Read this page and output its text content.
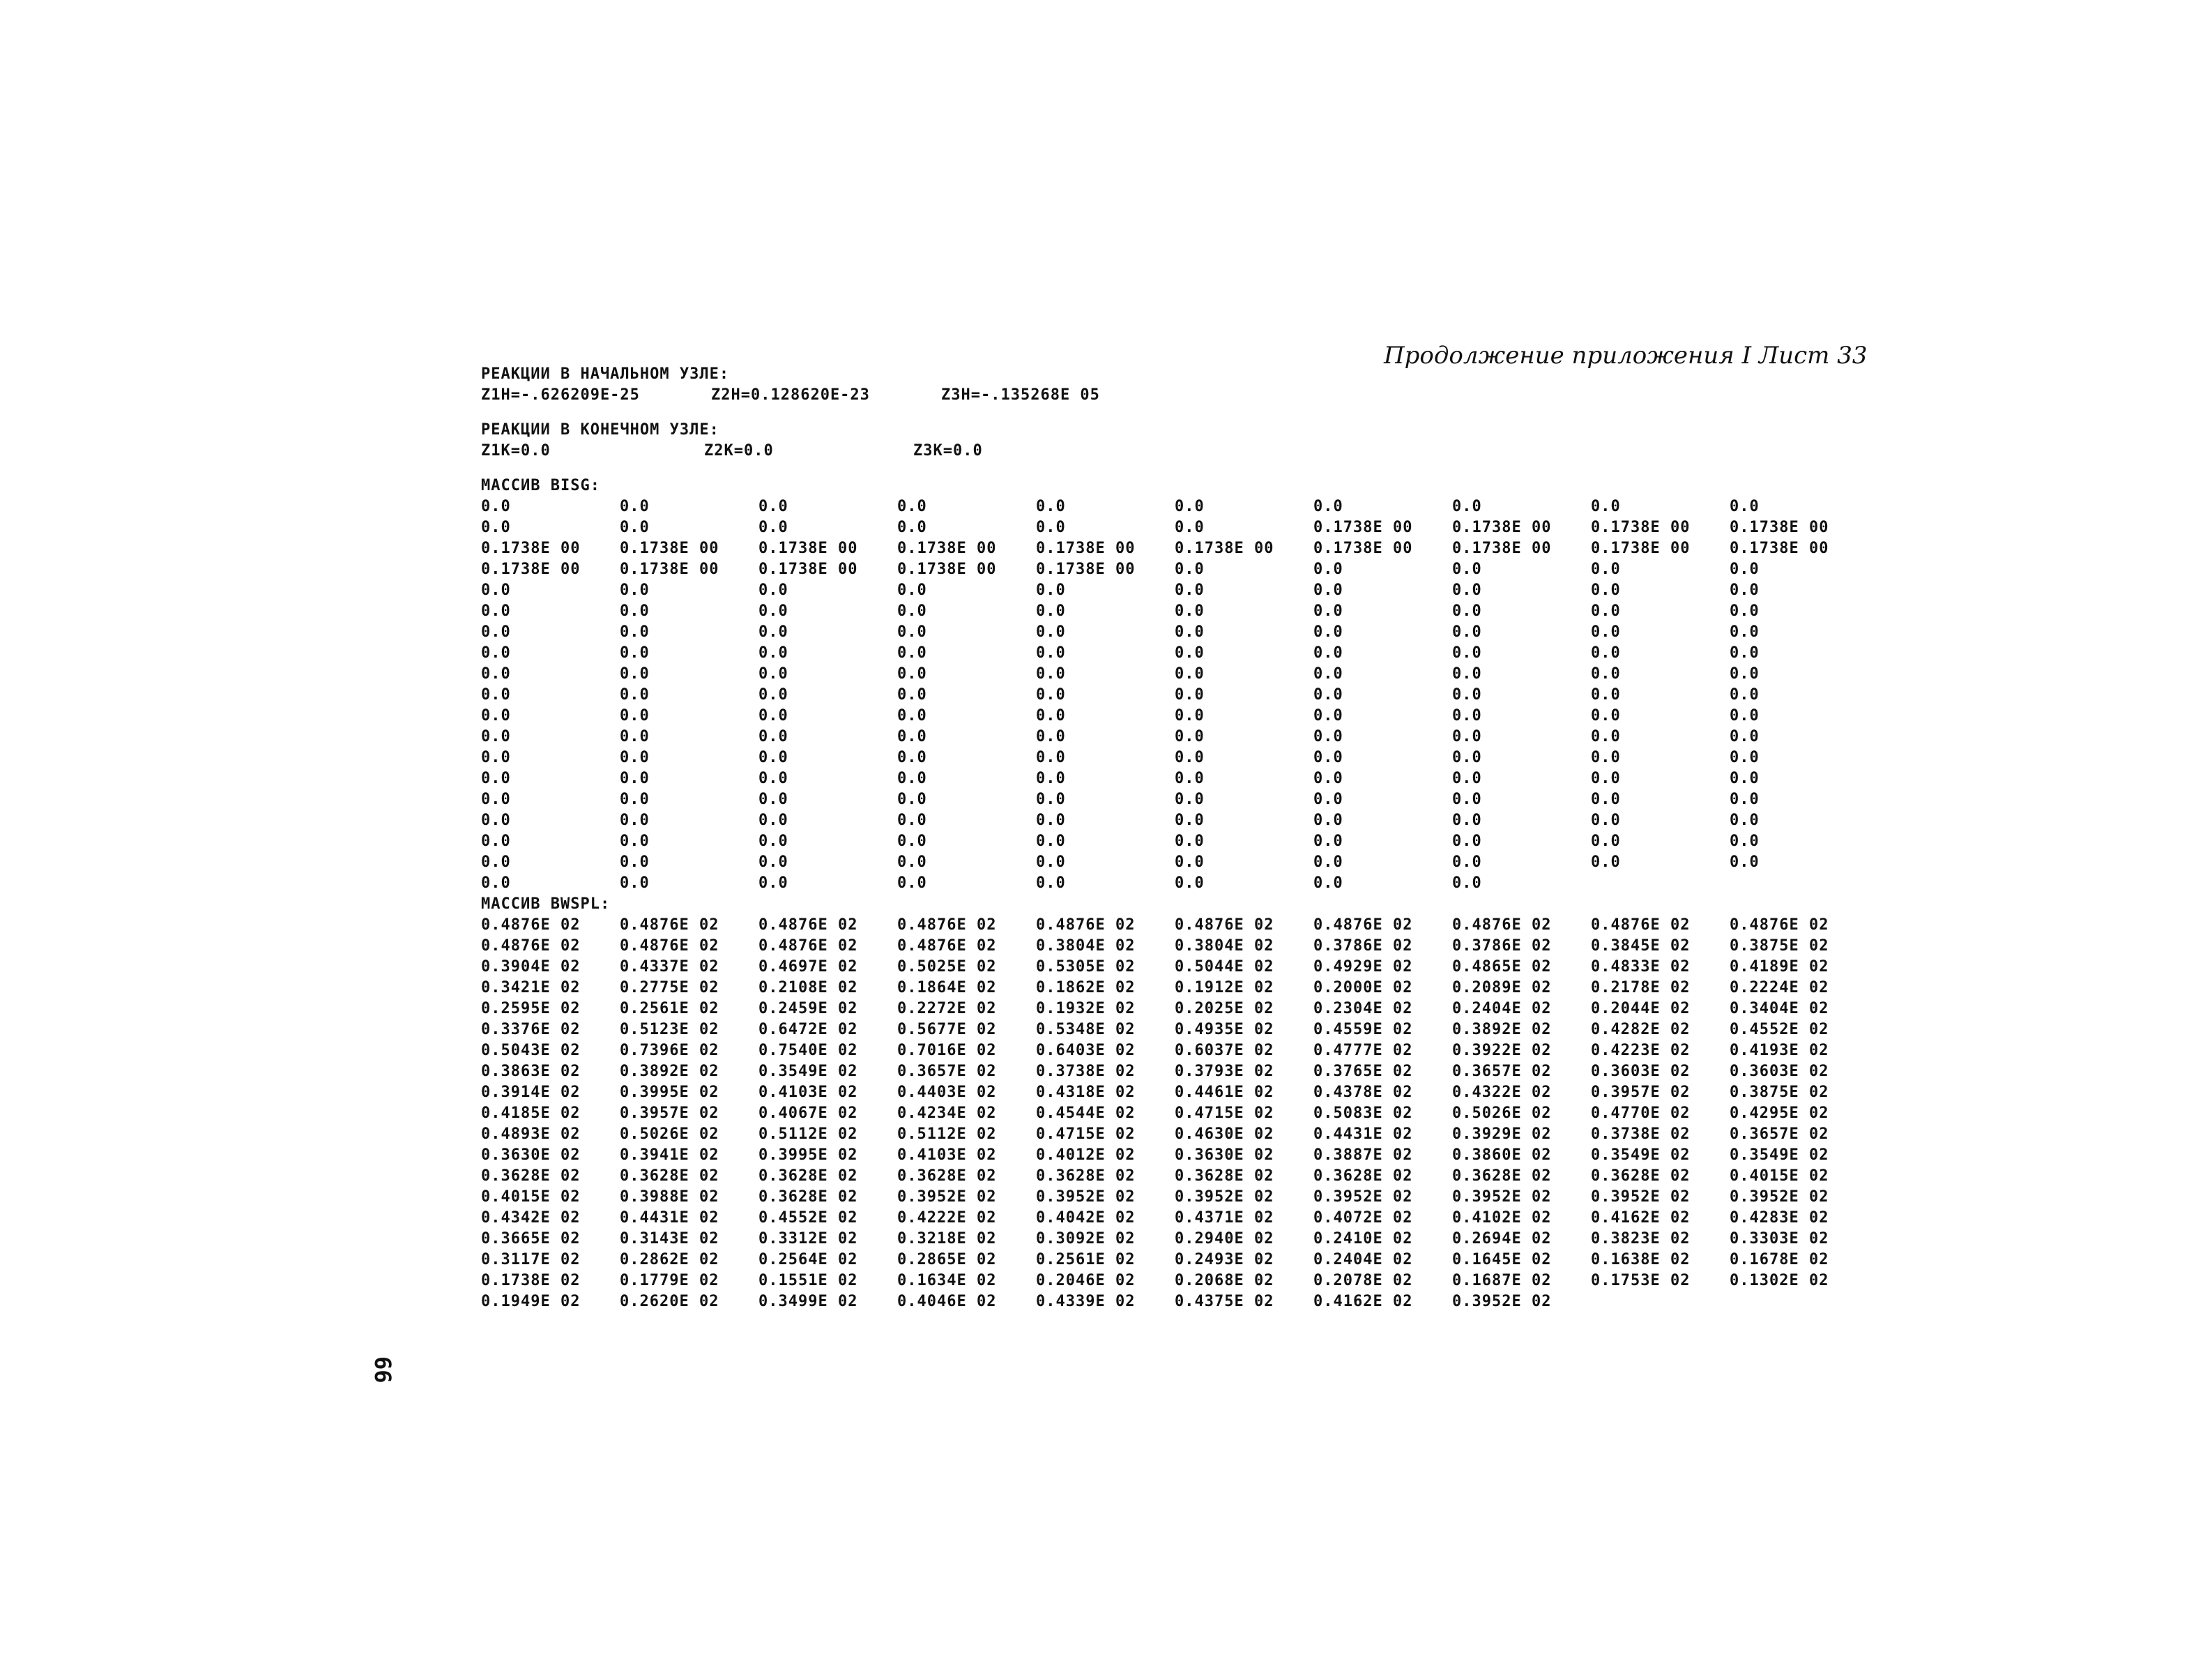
Продолжение приложения I Лист 33
РЕАКЦИИ В НАЧАЛЬНОМ УЗЛЕ:
Z1Н=-.626209E-25	Z2Н=0.128620E-23	Z3Н=-.135268E 05
РЕАКЦИИ В КОНЕЧНОМ УЗЛЕ:
Z1К=0.0	Z2К=0.0	Z3К=0.0
МАССИВ BISG:
0.0	0.0	0.0	0.0	0.0	0.0	0.0	0.0	0.0	0.0
0.0	0.0	0.0	0.0	0.0	0.0	0.1738E 00	0.1738E 00	0.1738E 00	0.1738E 00
0.1738E 00	0.1738E 00	0.1738E 00	0.1738E 00	0.1738E 00	0.1738E 00	0.1738E 00	0.1738E 00	0.1738E 00	0.1738E 00
0.1738E 00	0.1738E 00	0.1738E 00	0.1738E 00	0.1738E 00	0.0	0.0	0.0	0.0	0.0
0.0	0.0	0.0	0.0	0.0	0.0	0.0	0.0	0.0	0.0
0.0	0.0	0.0	0.0	0.0	0.0	0.0	0.0	0.0	0.0
0.0	0.0	0.0	0.0	0.0	0.0	0.0	0.0	0.0	0.0
0.0	0.0	0.0	0.0	0.0	0.0	0.0	0.0	0.0	0.0
0.0	0.0	0.0	0.0	0.0	0.0	0.0	0.0	0.0	0.0
0.0	0.0	0.0	0.0	0.0	0.0	0.0	0.0	0.0	0.0
0.0	0.0	0.0	0.0	0.0	0.0	0.0	0.0	0.0	0.0
0.0	0.0	0.0	0.0	0.0	0.0	0.0	0.0	0.0	0.0
0.0	0.0	0.0	0.0	0.0	0.0	0.0	0.0	0.0	0.0
0.0	0.0	0.0	0.0	0.0	0.0	0.0	0.0	0.0	0.0
0.0	0.0	0.0	0.0	0.0	0.0	0.0	0.0	0.0	0.0
0.0	0.0	0.0	0.0	0.0	0.0	0.0	0.0	0.0	0.0
0.0	0.0	0.0	0.0	0.0	0.0	0.0	0.0	0.0	0.0
0.0	0.0	0.0	0.0	0.0	0.0	0.0	0.0	0.0	0.0
0.0	0.0	0.0	0.0	0.0	0.0	0.0	0.0
МАССИВ BWSPL:
0.4876E 02	0.4876E 02	0.4876E 02	0.4876E 02	0.4876E 02	0.4876E 02	0.4876E 02	0.4876E 02	0.4876E 02	0.4876E 02
0.4876E 02	0.4876E 02	0.4876E 02	0.4876E 02	0.3804E 02	0.3804E 02	0.3786E 02	0.3786E 02	0.3845E 02	0.3875E 02
0.3904E 02	0.4337E 02	0.4697E 02	0.5025E 02	0.5305E 02	0.5044E 02	0.4929E 02	0.4865E 02	0.4833E 02	0.4189E 02
0.3421E 02	0.2775E 02	0.2108E 02	0.1864E 02	0.1862E 02	0.1912E 02	0.2000E 02	0.2089E 02	0.2178E 02	0.2224E 02
0.2595E 02	0.2561E 02	0.2459E 02	0.2272E 02	0.1932E 02	0.2025E 02	0.2304E 02	0.2404E 02	0.2044E 02	0.3404E 02
0.3376E 02	0.5123E 02	0.6472E 02	0.5677E 02	0.5348E 02	0.4935E 02	0.4559E 02	0.3892E 02	0.4282E 02	0.4552E 02
0.5043E 02	0.7396E 02	0.7540E 02	0.7016E 02	0.6403E 02	0.6037E 02	0.4777E 02	0.3922E 02	0.4223E 02	0.4193E 02
0.3863E 02	0.3892E 02	0.3549E 02	0.3657E 02	0.3738E 02	0.3793E 02	0.3765E 02	0.3657E 02	0.3603E 02	0.3603E 02
0.3914E 02	0.3995E 02	0.4103E 02	0.4403E 02	0.4318E 02	0.4461E 02	0.4378E 02	0.4322E 02	0.3957E 02	0.3875E 02
0.4185E 02	0.3957E 02	0.4067E 02	0.4234E 02	0.4544E 02	0.4715E 02	0.5083E 02	0.5026E 02	0.4770E 02	0.4295E 02
0.4893E 02	0.5026E 02	0.5112E 02	0.5112E 02	0.4715E 02	0.4630E 02	0.4431E 02	0.3929E 02	0.3738E 02	0.3657E 02
0.3630E 02	0.3941E 02	0.3995E 02	0.4103E 02	0.4012E 02	0.3630E 02	0.3887E 02	0.3860E 02	0.3549E 02	0.3549E 02
0.3628E 02	0.3628E 02	0.3628E 02	0.3628E 02	0.3628E 02	0.3628E 02	0.3628E 02	0.3628E 02	0.3628E 02	0.4015E 02
0.4015E 02	0.3988E 02	0.3628E 02	0.3952E 02	0.3952E 02	0.3952E 02	0.3952E 02	0.3952E 02	0.3952E 02	0.3952E 02
0.4342E 02	0.4431E 02	0.4552E 02	0.4222E 02	0.4042E 02	0.4371E 02	0.4072E 02	0.4102E 02	0.4162E 02	0.4283E 02
0.3665E 02	0.3143E 02	0.3312E 02	0.3218E 02	0.3092E 02	0.2940E 02	0.2410E 02	0.2694E 02	0.3823E 02	0.3303E 02
0.3117E 02	0.2862E 02	0.2564E 02	0.2865E 02	0.2561E 02	0.2493E 02	0.2404E 02	0.1645E 02	0.1638E 02	0.1678E 02
0.1738E 02	0.1779E 02	0.1551E 02	0.1634E 02	0.2046E 02	0.2068E 02	0.2078E 02	0.1687E 02	0.1753E 02	0.1302E 02
0.1949E 02	0.2620E 02	0.3499E 02	0.4046E 02	0.4339E 02	0.4375E 02	0.4162E 02	0.3952E 02
66
